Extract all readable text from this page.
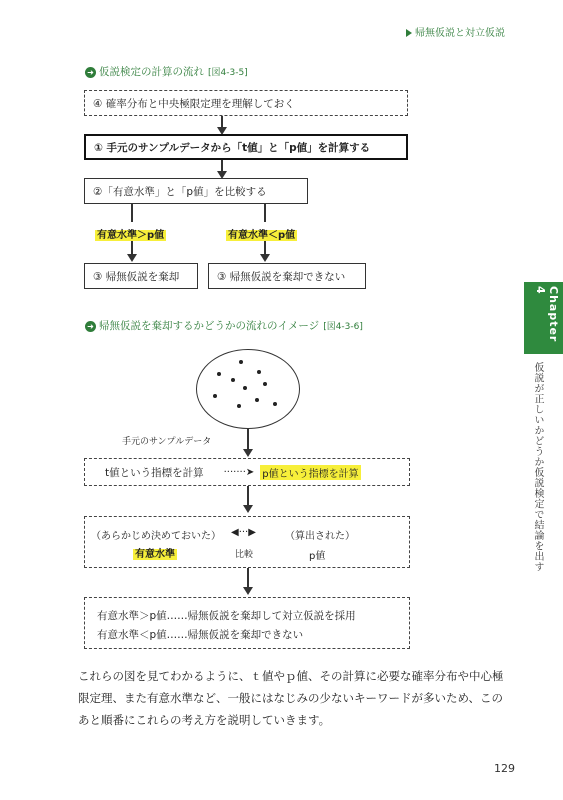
帰無仮説と対立仮説
Chapter 4
仮説が正しいかどうか仮説検定で結論を出す
➜ 仮説検定の計算の流れ [図4-3-5]
④ 確率分布と中央極限定理を理解しておく
① 手元のサンプルデータから「t値」と「p値」を計算する
②「有意水準」と「p値」を比較する
有意水準＞p値	有意水準＜p値
③ 帰無仮説を棄却	③ 帰無仮説を棄却できない
➜ 帰無仮説を棄却するかどうかの流れのイメージ [図4-3-6]
手元のサンプルデータ
t値という指標を計算 ·······➤ p値という指標を計算
（あらかじめ決めておいた） ◀···▶	（算出された）
有意水準	比較	p値
有意水準＞p値……帰無仮説を棄却して対立仮説を採用
有意水準＜p値……帰無仮説を棄却できない
これらの図を見てわかるように、ｔ値やｐ値、その計算に必要な確率分布や中心極限定理、また有意水準など、一般にはなじみの少ないキーワードが多いため、このあと順番にこれらの考え方を説明していきます。
129
